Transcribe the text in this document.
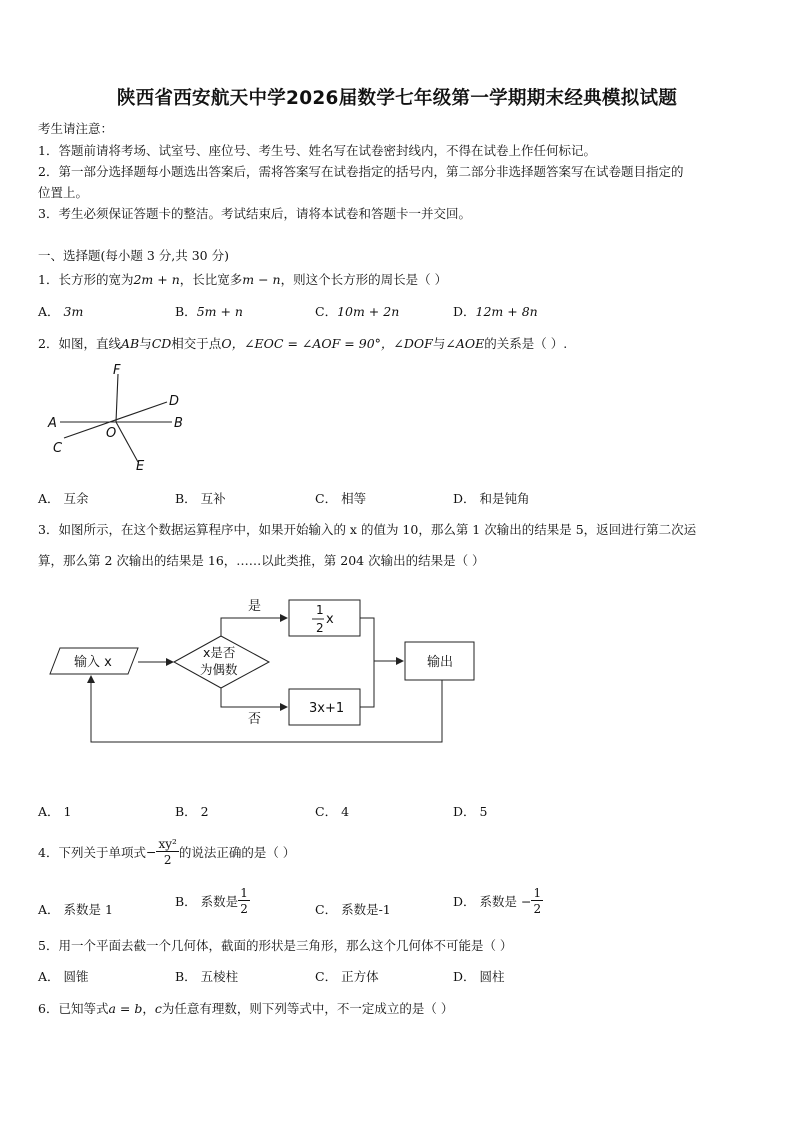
陕西省西安航天中学2026届数学七年级第一学期期末经典模拟试题
考生请注意：
1．答题前请将考场、试室号、座位号、考生号、姓名写在试卷密封线内，不得在试卷上作任何标记。
2．第一部分选择题每小题选出答案后，需将答案写在试卷指定的括号内，第二部分非选择题答案写在试卷题目指定的
位置上。
3．考生必须保证答题卡的整洁。考试结束后，请将本试卷和答题卡一并交回。
一、选择题(每小题 3 分,共 30 分)
1．长方形的宽为2m + n，长比宽多m − n，则这个长方形的周长是（ ）
A． 3m	B．5m + n	C．10m + 2n	D．12m + 8n
2．如图，直线AB与CD相交于点O，∠EOC = ∠AOF = 90°，∠DOF与∠AOE的关系是（ ）.
F
D
A	B
C
O
E
A． 互余	B． 互补	C． 相等	D． 和是钝角
3．如图所示，在这个数据运算程序中，如果开始输入的 x 的值为 10，那么第 1 次输出的结果是 5，返回进行第二次运
算，那么第 2 次输出的结果是 16，……以此类推，第 204 次输出的结果是（ ）
输入 x
x是否
为偶数
是
否
1
2
x
3x+1
输出
A． 1	B． 2	C． 4	D． 5
4．下列关于单项式− $\frac{\text{xy²}}{2}$ 的说法正确的是（ ）
A． 系数是 1
B． 系数是 $\frac{1}{2}$	C． 系数是-1
D． 系数是 − $\frac{1}{2}$
5．用一个平面去截一个几何体，截面的形状是三角形，那么这个几何体不可能是（ ）
A． 圆锥	B． 五棱柱	C． 正方体	D． 圆柱
6．已知等式a = b，c为任意有理数，则下列等式中，不一定成立的是（ ）
